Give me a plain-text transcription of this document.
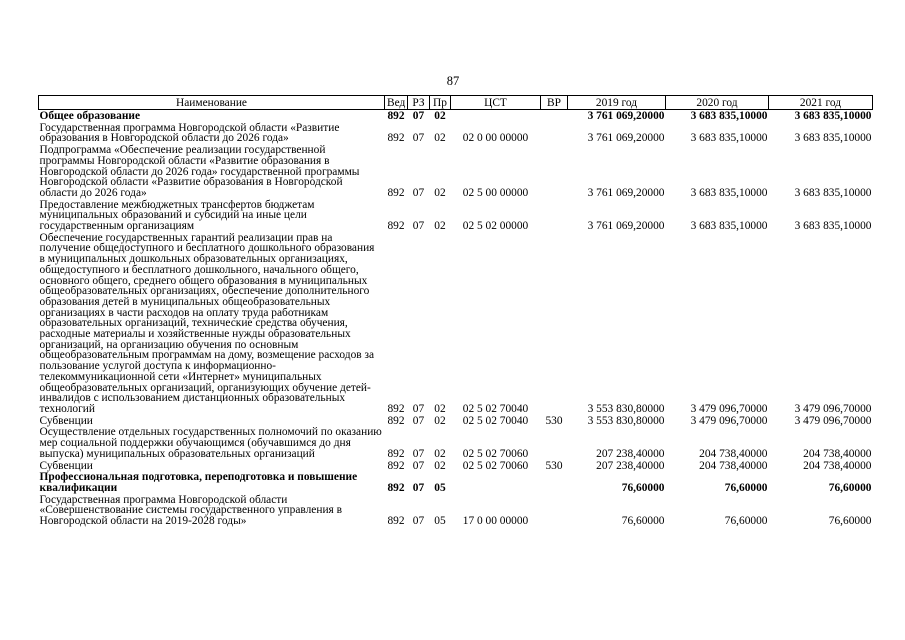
87
Наименование	Вед	РЗ	Пр	ЦСТ	ВР	2019 год	2020 год	2021 год
Общее образование	892	07	02			3 761 069,20000	3 683 835,10000	3 683 835,10000
Государственная программа Новгородской области «Развитие образования в Новгородской области до 2026 года»	892	07	02	02 0 00 00000		3 761 069,20000	3 683 835,10000	3 683 835,10000
Подпрограмма «Обеспечение реализации государственной программы Новгородской области «Развитие образования в Новгородской области до 2026 года» государственной программы Новгородской области «Развитие образования в Новгородской области до 2026 года»	892	07	02	02 5 00 00000		3 761 069,20000	3 683 835,10000	3 683 835,10000
Предоставление межбюджетных трансфертов бюджетам муниципальных образований и субсидий на иные цели государственным организациям	892	07	02	02 5 02 00000		3 761 069,20000	3 683 835,10000	3 683 835,10000
Обеспечение государственных гарантий реализации прав на получение общедоступного и бесплатного дошкольного образования в муниципальных дошкольных образовательных организациях, общедоступного и бесплатного дошкольного, начального общего, основного общего, среднего общего образования в муниципальных общеобразовательных организациях, обеспечение дополнительного образования детей в муниципальных общеобразовательных организациях в части расходов на оплату труда работникам образовательных организаций, технические средства обучения, расходные материалы и хозяйственные нужды образовательных организаций, на организацию обучения по основным общеобразовательным программам на дому, возмещение расходов за пользование услугой доступа к информационно-телекоммуникационной сети «Интернет» муниципальных общеобразовательных организаций, организующих обучение детей-инвалидов с использованием дистанционных образовательных технологий	892	07	02	02 5 02 70040		3 553 830,80000	3 479 096,70000	3 479 096,70000
Субвенции	892	07	02	02 5 02 70040	530	3 553 830,80000	3 479 096,70000	3 479 096,70000
Осуществление отдельных государственных полномочий по оказанию мер социальной поддержки обучающимся (обучавшимся до дня выпуска) муниципальных образовательных организаций	892	07	02	02 5 02 70060		207 238,40000	204 738,40000	204 738,40000
Субвенции	892	07	02	02 5 02 70060	530	207 238,40000	204 738,40000	204 738,40000
Профессиональная подготовка, переподготовка и повышение квалификации	892	07	05			76,60000	76,60000	76,60000
Государственная программа Новгородской области «Совершенствование системы государственного управления в Новгородской области на 2019-2028 годы»	892	07	05	17 0 00 00000		76,60000	76,60000	76,60000
